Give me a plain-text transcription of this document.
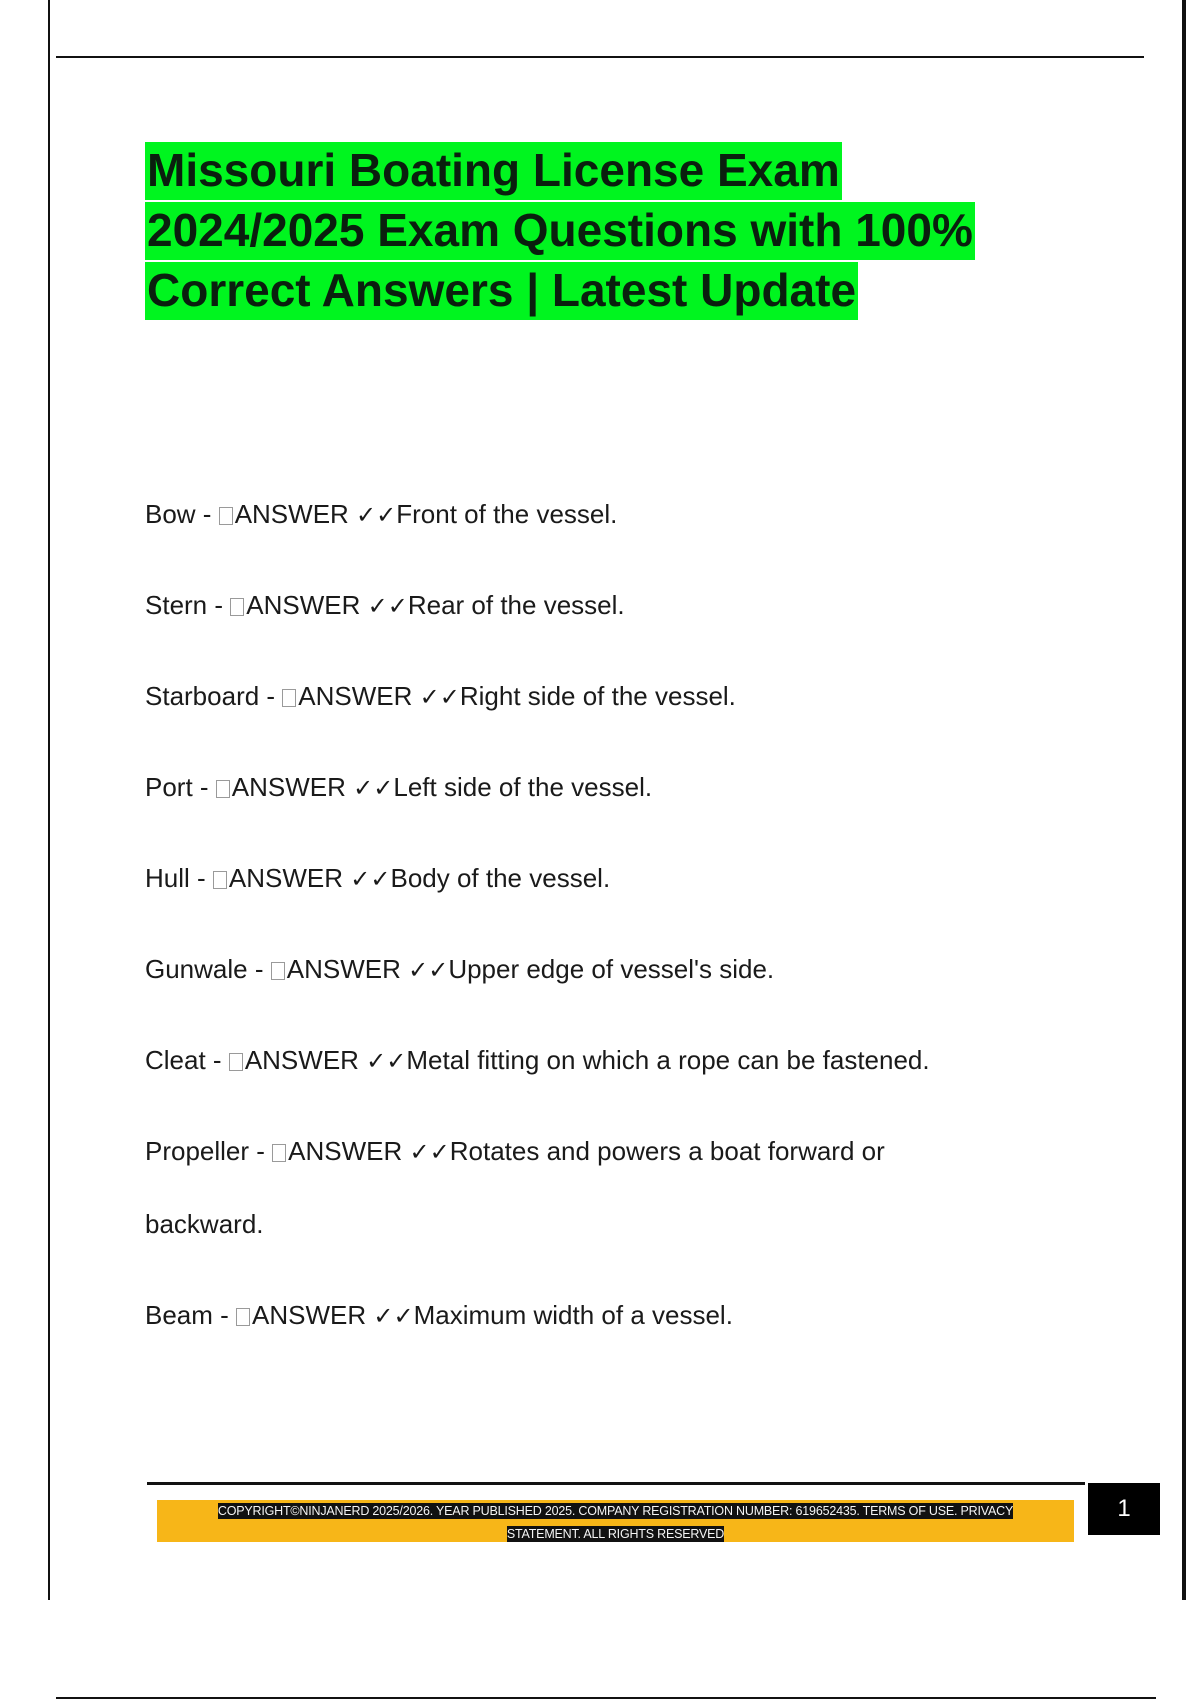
Missouri Boating License Exam
2024/2025 Exam Questions with 100%
Correct Answers | Latest Update
Bow - ANSWER ✓✓Front of the vessel.
Stern - ANSWER ✓✓Rear of the vessel.
Starboard - ANSWER ✓✓Right side of the vessel.
Port - ANSWER ✓✓Left side of the vessel.
Hull - ANSWER ✓✓Body of the vessel.
Gunwale - ANSWER ✓✓Upper edge of vessel's side.
Cleat - ANSWER ✓✓Metal fitting on which a rope can be fastened.
Propeller - ANSWER ✓✓Rotates and powers a boat forward or backward.
Beam - ANSWER ✓✓Maximum width of a vessel.
COPYRIGHT©NINJANERD 2025/2026. YEAR PUBLISHED 2025. COMPANY REGISTRATION NUMBER: 619652435. TERMS OF USE. PRIVACY
STATEMENT. ALL RIGHTS RESERVED
1
